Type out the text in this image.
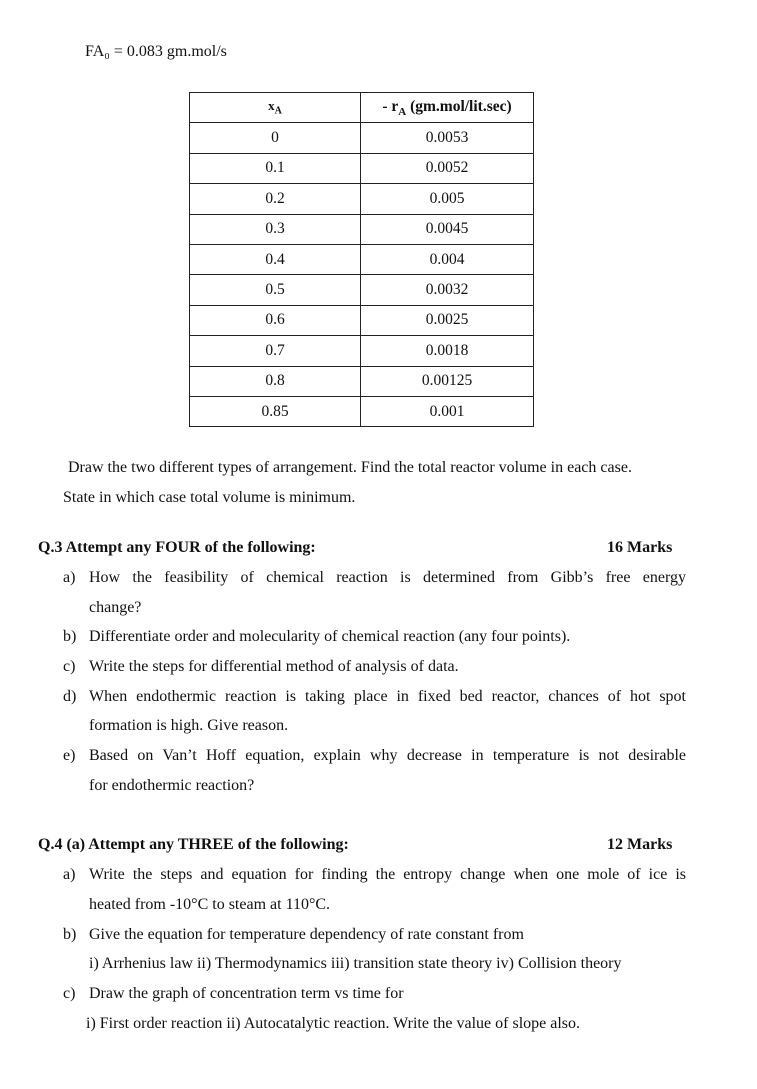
FA₀ = 0.083 gm.mol/s
$x_A$	- $r_A$ (gm.mol/lit.sec)
0	0.0053
0.1	0.0052
0.2	0.005
0.3	0.0045
0.4	0.004
0.5	0.0032
0.6	0.0025
0.7	0.0018
0.8	0.00125
0.85	0.001
Draw the two different types of arrangement. Find the total reactor volume in each case.
State in which case total volume is minimum.
Q.3 Attempt any FOUR of the following:	16 Marks
a) How the feasibility of chemical reaction is determined from Gibb’s free energy
change?
b) Differentiate order and molecularity of chemical reaction (any four points).
c) Write the steps for differential method of analysis of data.
d) When endothermic reaction is taking place in fixed bed reactor, chances of hot spot
formation is high. Give reason.
e) Based on Van’t Hoff equation, explain why decrease in temperature is not desirable
for endothermic reaction?
Q.4 (a) Attempt any THREE of the following:	12 Marks
a) Write the steps and equation for finding the entropy change when one mole of ice is
heated from -10°C to steam at 110°C.
b) Give the equation for temperature dependency of rate constant from
i) Arrhenius law ii) Thermodynamics iii) transition state theory iv) Collision theory
c) Draw the graph of concentration term vs time for
i) First order reaction ii) Autocatalytic reaction. Write the value of slope also.
